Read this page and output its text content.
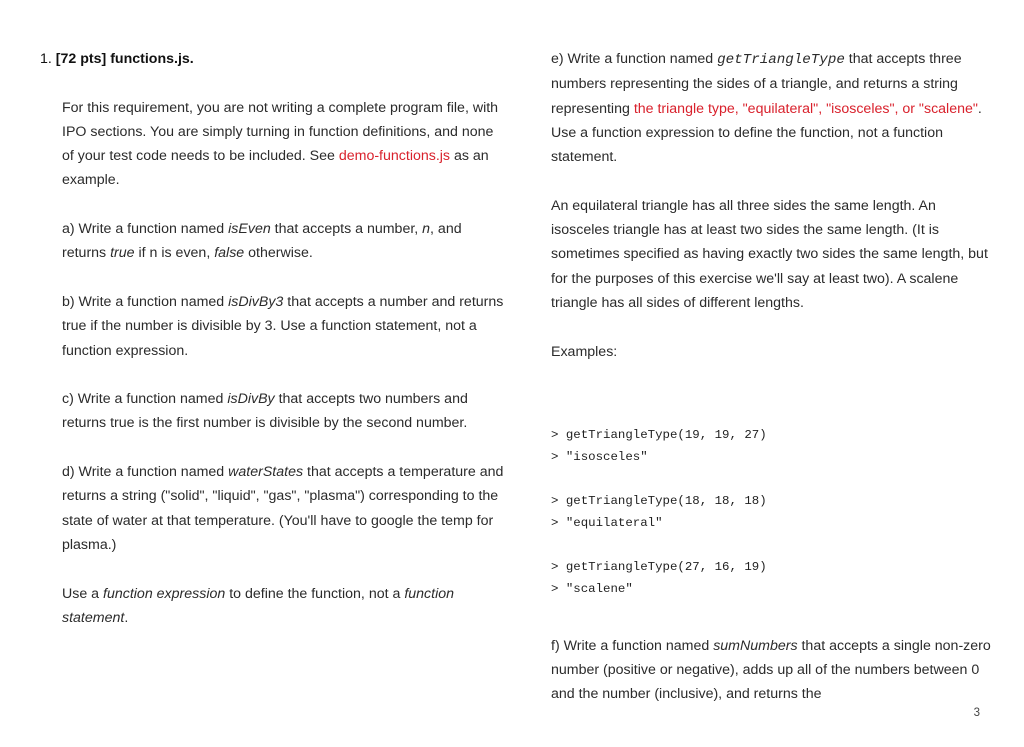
1. [72 pts] functions.js.

For this requirement, you are not writing a complete program file, with IPO sections. You are simply turning in function definitions, and none of your test code needs to be included. See demo-functions.js as an example.

a) Write a function named isEven that accepts a number, n, and returns true if n is even, false otherwise.

b) Write a function named isDivBy3 that accepts a number and returns true if the number is divisible by 3. Use a function statement, not a function expression.

c) Write a function named isDivBy that accepts two numbers and returns true is the first number is divisible by the second number.

d) Write a function named waterStates that accepts a temperature and returns a string ("solid", "liquid", "gas", "plasma") corresponding to the state of water at that temperature. (You'll have to google the temp for plasma.)

Use a function expression to define the function, not a function statement.

e) Write a function named getTriangleType that accepts three numbers representing the sides of a triangle, and returns a string representing the triangle type, "equilateral", "isosceles", or "scalene". Use a function expression to define the function, not a function statement.

An equilateral triangle has all three sides the same length. An isosceles triangle has at least two sides the same length. (It is sometimes specified as having exactly two sides the same length, but for the purposes of this exercise we'll say at least two). A scalene triangle has all sides of different lengths.

Examples:

> getTriangleType(19, 19, 27)
> "isosceles"
> getTriangleType(18, 18, 18)
> "equilateral"
> getTriangleType(27, 16, 19)
> "scalene"

f) Write a function named sumNumbers that accepts a single non-zero number (positive or negative), adds up all of the numbers between 0 and the number (inclusive), and returns the

3
